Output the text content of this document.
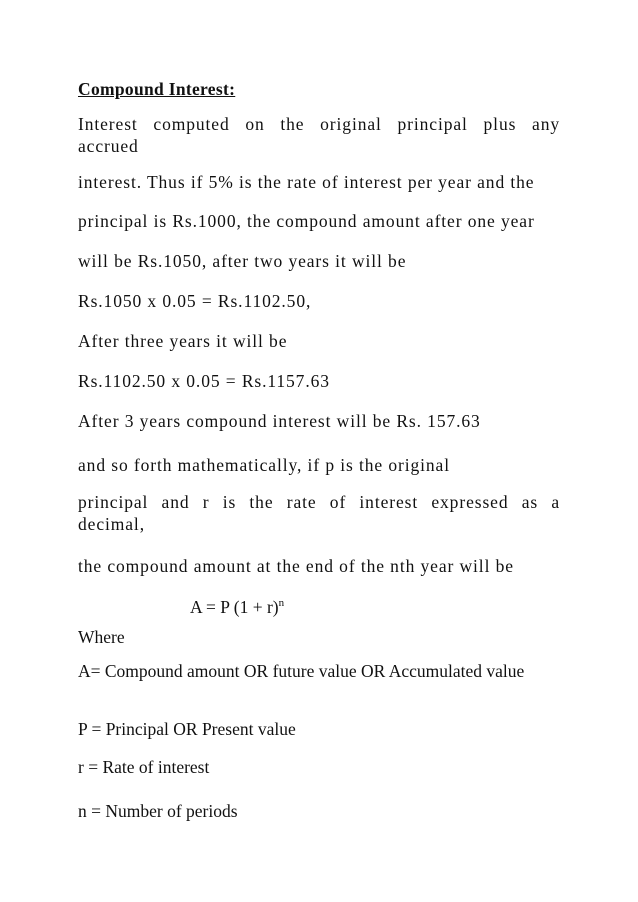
Compound Interest:
Interest computed on the original principal plus any
accrued
interest. Thus if 5% is the rate of interest per year and the
principal is Rs.1000, the compound amount after one year
will be Rs.1050, after two years it will be
Rs.1050 x 0.05 = Rs.1102.50,
After three years it will be
Rs.1102.50 x 0.05 = Rs.1157.63
After 3 years compound interest will be Rs. 157.63
and so forth mathematically, if p is the original
principal and r is the rate of interest expressed as a
decimal,
the compound amount at the end of the nth year will be
A = P $(1 + r)^n$
Where
A= Compound amount OR future value OR Accumulated value
P = Principal OR Present value
r = Rate of interest
n = Number of periods
